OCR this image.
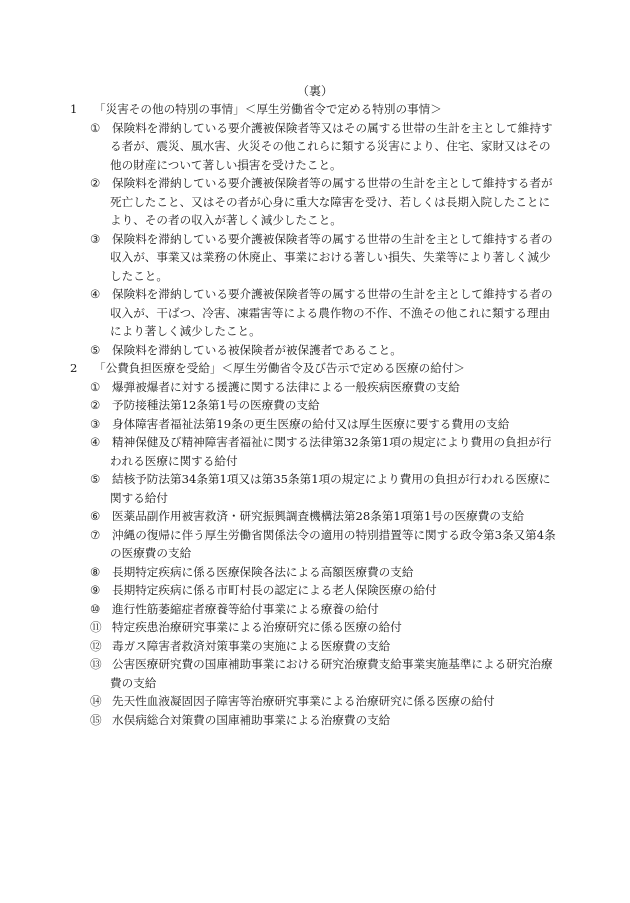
（裏）
1	「災害その他の特別の事情」＜厚生労働省令で定める特別の事情＞
① 保険料を滞納している要介護被保険者等又はその属する世帯の生計を主として維持する者が、震災、風水害、火災その他これらに類する災害により、住宅、家財又はその他の財産について著しい損害を受けたこと。
② 保険料を滞納している要介護被保険者等の属する世帯の生計を主として維持する者が死亡したこと、又はその者が心身に重大な障害を受け、若しくは長期入院したことにより、その者の収入が著しく減少したこと。
③ 保険料を滞納している要介護被保険者等の属する世帯の生計を主として維持する者の収入が、事業又は業務の休廃止、事業における著しい損失、失業等により著しく減少したこと。
④ 保険料を滞納している要介護被保険者等の属する世帯の生計を主として維持する者の収入が、干ばつ、冷害、凍霜害等による農作物の不作、不漁その他これに類する理由により著しく減少したこと。
⑤ 保険料を滞納している被保険者が被保護者であること。
2	「公費負担医療を受給」＜厚生労働省令及び告示で定める医療の給付＞
① 爆弾被爆者に対する援護に関する法律による一般疾病医療費の支給
② 予防接種法第12条第1号の医療費の支給
③ 身体障害者福祉法第19条の更生医療の給付又は厚生医療に要する費用の支給
④ 精神保健及び精神障害者福祉に関する法律第32条第1項の規定により費用の負担が行われる医療に関する給付
⑤ 結核予防法第34条第1項又は第35条第1項の規定により費用の負担が行われる医療に関する給付
⑥ 医薬品副作用被害救済・研究振興調査機構法第28条第1項第1号の医療費の支給
⑦ 沖縄の復帰に伴う厚生労働省関係法令の適用の特別措置等に関する政令第3条又第4条の医療費の支給
⑧ 長期特定疾病に係る医療保険各法による高額医療費の支給
⑨ 長期特定疾病に係る市町村長の認定による老人保険医療の給付
⑩ 進行性筋萎縮症者療養等給付事業による療養の給付
⑪ 特定疾患治療研究事業による治療研究に係る医療の給付
⑫ 毒ガス障害者救済対策事業の実施による医療費の支給
⑬ 公害医療研究費の国庫補助事業における研究治療費支給事業実施基準による研究治療費の支給
⑭ 先天性血液凝固因子障害等治療研究事業による治療研究に係る医療の給付
⑮ 水俣病総合対策費の国庫補助事業による治療費の支給
